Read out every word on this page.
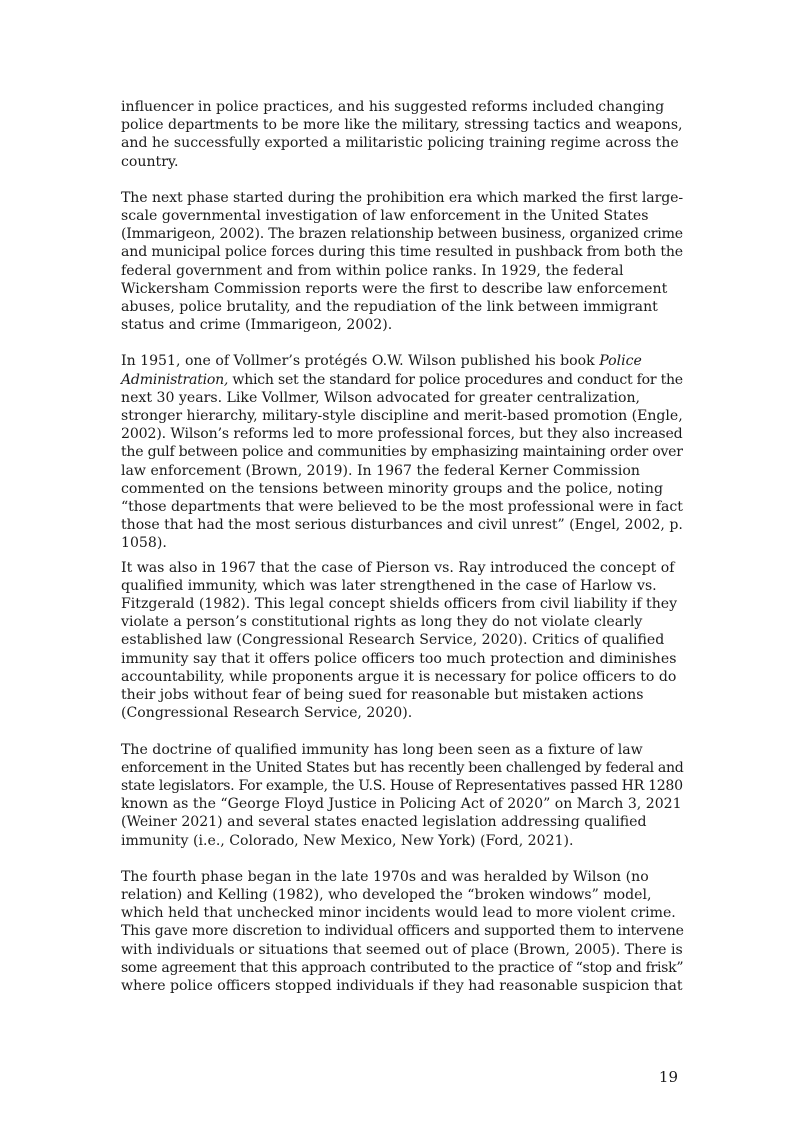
influencer in police practices, and his suggested reforms included changing
police departments to be more like the military, stressing tactics and weapons,
and he successfully exported a militaristic policing training regime across the
country.
The next phase started during the prohibition era which marked the first large-
scale governmental investigation of law enforcement in the United States
(Immarigeon, 2002). The brazen relationship between business, organized crime
and municipal police forces during this time resulted in pushback from both the
federal government and from within police ranks. In 1929, the federal
Wickersham Commission reports were the first to describe law enforcement
abuses, police brutality, and the repudiation of the link between immigrant
status and crime (Immarigeon, 2002).
In 1951, one of Vollmer’s protégés O.W. Wilson published his book Police
Administration, which set the standard for police procedures and conduct for the
next 30 years. Like Vollmer, Wilson advocated for greater centralization,
stronger hierarchy, military-style discipline and merit-based promotion (Engle,
2002). Wilson’s reforms led to more professional forces, but they also increased
the gulf between police and communities by emphasizing maintaining order over
law enforcement (Brown, 2019). In 1967 the federal Kerner Commission
commented on the tensions between minority groups and the police, noting
“those departments that were believed to be the most professional were in fact
those that had the most serious disturbances and civil unrest” (Engel, 2002, p.
1058).
It was also in 1967 that the case of Pierson vs. Ray introduced the concept of
qualified immunity, which was later strengthened in the case of Harlow vs.
Fitzgerald (1982). This legal concept shields officers from civil liability if they
violate a person’s constitutional rights as long they do not violate clearly
established law (Congressional Research Service, 2020). Critics of qualified
immunity say that it offers police officers too much protection and diminishes
accountability, while proponents argue it is necessary for police officers to do
their jobs without fear of being sued for reasonable but mistaken actions
(Congressional Research Service, 2020).
The doctrine of qualified immunity has long been seen as a fixture of law
enforcement in the United States but has recently been challenged by federal and
state legislators. For example, the U.S. House of Representatives passed HR 1280
known as the “George Floyd Justice in Policing Act of 2020” on March 3, 2021
(Weiner 2021) and several states enacted legislation addressing qualified
immunity (i.e., Colorado, New Mexico, New York) (Ford, 2021).
The fourth phase began in the late 1970s and was heralded by Wilson (no
relation) and Kelling (1982), who developed the “broken windows” model,
which held that unchecked minor incidents would lead to more violent crime.
This gave more discretion to individual officers and supported them to intervene
with individuals or situations that seemed out of place (Brown, 2005). There is
some agreement that this approach contributed to the practice of “stop and frisk”
where police officers stopped individuals if they had reasonable suspicion that
19
